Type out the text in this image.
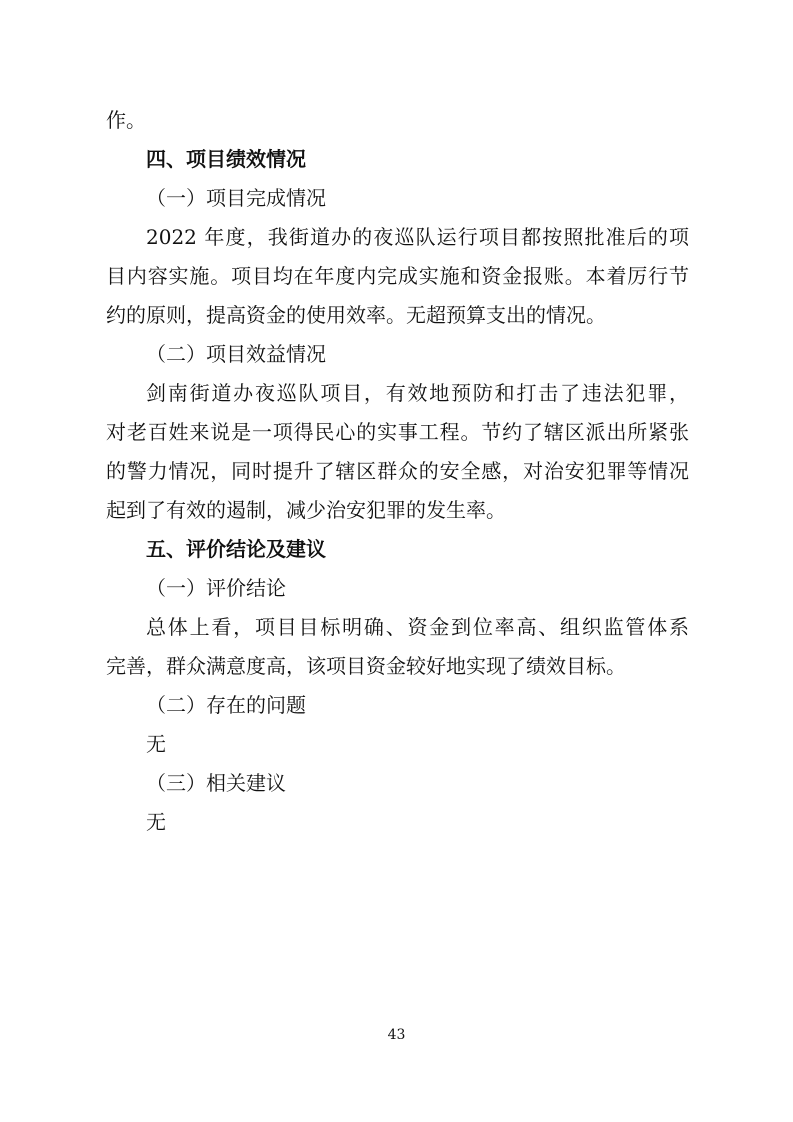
作。
四、项目绩效情况
（一）项目完成情况
2022 年度，我街道办的夜巡队运行项目都按照批准后的项
目内容实施。项目均在年度内完成实施和资金报账。本着厉行节
约的原则，提高资金的使用效率。无超预算支出的情况。
（二）项目效益情况
剑南街道办夜巡队项目，有效地预防和打击了违法犯罪，
对老百姓来说是一项得民心的实事工程。节约了辖区派出所紧张
的警力情况，同时提升了辖区群众的安全感，对治安犯罪等情况
起到了有效的遏制，减少治安犯罪的发生率。
五、评价结论及建议
（一）评价结论
总体上看，项目目标明确、资金到位率高、组织监管体系
完善，群众满意度高，该项目资金较好地实现了绩效目标。
（二）存在的问题
无
（三）相关建议
无
43
